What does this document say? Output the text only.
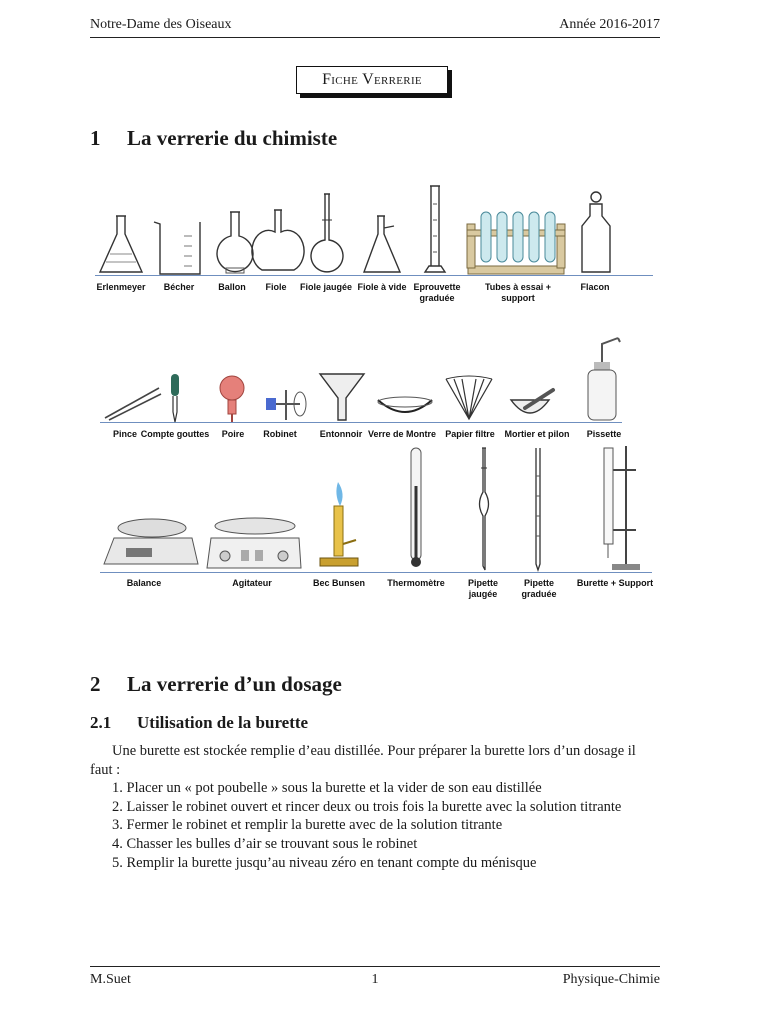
Notre-Dame des Oiseaux	Année 2016-2017
Fiche Verrerie
1 La verrerie du chimiste
Erlenmeyer	Bécher	Ballon	Fiole	Fiole jaugée Fiole à vide Eprouvette graduée
Tubes à essai + support
Flacon
Pince Compte gouttes	Poire	Robinet	Entonnoir Verre de Montre	Papier filtre	Mortier et pilon	Pissette
Balance	Agitateur	Bec Bunsen	Thermomètre	Pipette jaugée
Pipette graduée
Burette + Support
2 La verrerie d’un dosage
2.1 Utilisation de la burette

Une burette est stockée remplie d’eau distillée. Pour préparer la burette lors d’un dosage il faut :

1. Placer un « pot poubelle » sous la burette et la vider de son eau distillée

2. Laisser le robinet ouvert et rincer deux ou trois fois la burette avec la solution titrante

3. Fermer le robinet et remplir la burette avec de la solution titrante

4. Chasser les bulles d’air se trouvant sous le robinet

5. Remplir la burette jusqu’au niveau zéro en tenant compte du ménisque

M.Suet	1	Physique-Chimie
